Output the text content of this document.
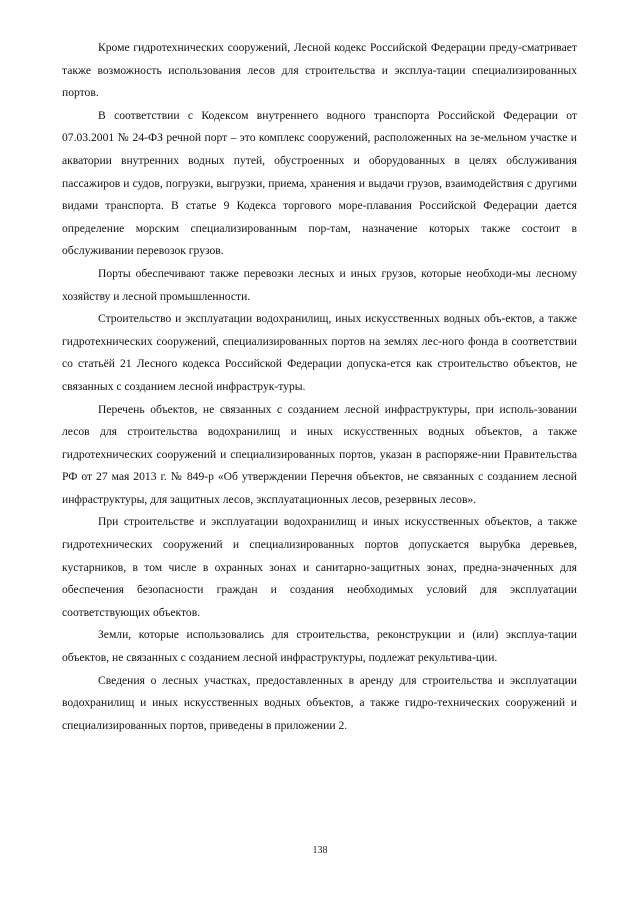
Кроме гидротехнических сооружений, Лесной кодекс Российской Федерации преду-сматривает также возможность использования лесов для строительства и эксплуа-тации специализированных портов.

В соответствии с Кодексом внутреннего водного транспорта Российской Федерации от 07.03.2001 № 24-ФЗ речной порт – это комплекс сооружений, расположенных на зе-мельном участке и акватории внутренних водных путей, обустроенных и оборудованных в целях обслуживания пассажиров и судов, погрузки, выгрузки, приема, хранения и выдачи грузов, взаимодействия с другими видами транспорта. В статье 9 Кодекса торгового море-плавания Российской Федерации дается определение морским специализированным пор-там, назначение которых также состоит в обслуживании перевозок грузов.

Порты обеспечивают также перевозки лесных и иных грузов, которые необходи-мы лесному хозяйству и лесной промышленности.

Строительство и эксплуатации водохранилищ, иных искусственных водных объ-ектов, а также гидротехнических сооружений, специализированных портов на землях лес-ного фонда в соответствии со статьёй 21 Лесного кодекса Российской Федерации допуска-ется как строительство объектов, не связанных с созданием лесной инфраструк-туры.

Перечень объектов, не связанных с созданием лесной инфраструктуры, при исполь-зовании лесов для строительства водохранилищ и иных искусственных водных объектов, а также гидротехнических сооружений и специализированных портов, указан в распоряже-нии Правительства РФ от 27 мая 2013 г. № 849-р «Об утверждении Перечня объектов, не связанных с созданием лесной инфраструктуры, для защитных лесов, эксплуатационных лесов, резервных лесов».

При строительстве и эксплуатации водохранилищ и иных искусственных объектов, а также гидротехнических сооружений и специализированных портов допускается вырубка деревьев, кустарников, в том числе в охранных зонах и санитарно-защитных зонах, предна-значенных для обеспечения безопасности граждан и создания необходимых условий для эксплуатации соответствующих объектов.

Земли, которые использовались для строительства, реконструкции и (или) эксплуа-тации объектов, не связанных с созданием лесной инфраструктуры, подлежат рекультива-ции.

Сведения о лесных участках, предоставленных в аренду для строительства и эксплуатации водохранилищ и иных искусственных водных объектов, а также гидро-технических сооружений и специализированных портов, приведены в приложении 2.

138
